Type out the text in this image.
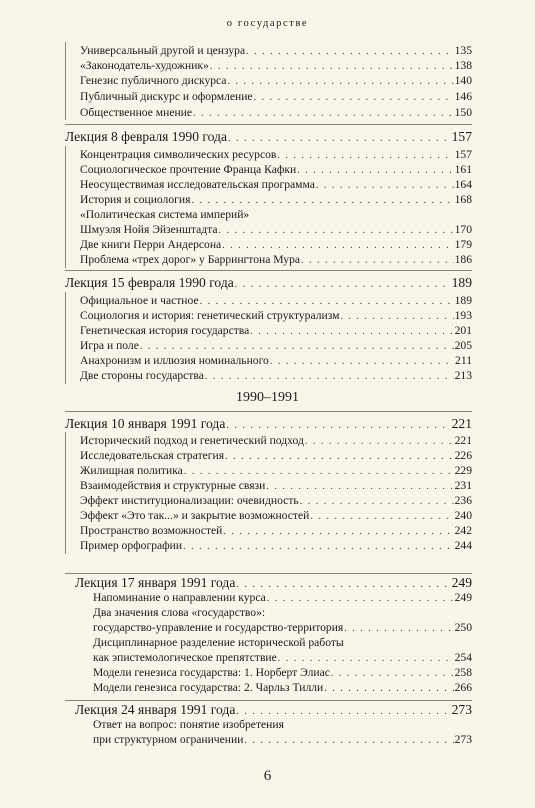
о государстве
Универсальный другой и цензура . . .	135
«Законодатель-художник» . . .	138
Генезис публичного дискурса . . .	140
Публичный дискурс и оформление . . .	146
Общественное мнение . . .	150
Лекция 8 февраля 1990 года . . .	157
Концентрация символических ресурсов . . .	157
Социологическое прочтение Франца Кафки . . .	161
Неосуществимая исследовательская программа . . .	164
История и социология . . .	168
«Политическая система империй»
Шмуэля Нойя Эйзенштадта . . .	170
Две книги Перри Андерсона . . .	179
Проблема «трех дорог» у Баррингтона Мура . . .	186
Лекция 15 февраля 1990 года . . .	189
Официальное и частное . . .	189
Социология и история: генетический структурализм . . .	193
Генетическая история государства . . .	201
Игра и поле . . .	205
Анахронизм и иллюзия номинального . . .	211
Две стороны государства . . .	213
1990–1991
Лекция 10 января 1991 года . . .	221
Исторический подход и генетический подход . . .	221
Исследовательская стратегия . . .	226
Жилищная политика . . .	229
Взаимодействия и структурные связи . . .	231
Эффект институционализации: очевидность . . .	236
Эффект «Это так...» и закрытие возможностей . . .	240
Пространство возможностей . . .	242
Пример орфографии . . .	244
Лекция 17 января 1991 года . . .	249
Напоминание о направлении курса . . .	249
Два значения слова «государство»:
государство-управление и государство-территория . . .	250
Дисциплинарное разделение исторической работы
как эпистемологическое препятствие . . .	254
Модели генезиса государства: 1. Норберт Элиас . . .	258
Модели генезиса государства: 2. Чарльз Тилли . . .	266
Лекция 24 января 1991 года . . .	273
Ответ на вопрос: понятие изобретения
при структурном ограничении . . .	273
6
